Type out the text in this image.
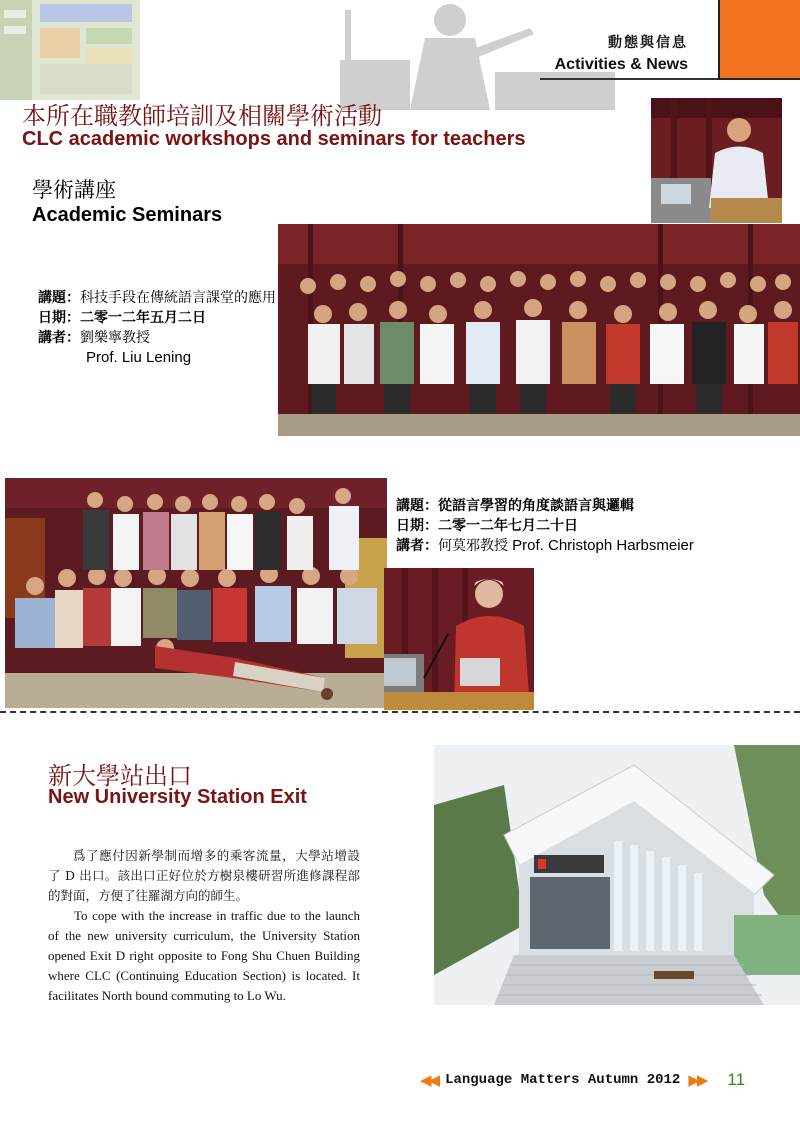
動態與信息
Activities & News
本所在職教師培訓及相關學術活動
CLC academic workshops and seminars for teachers
學術講座
Academic Seminars
講題： 科技手段在傳統語言課堂的應用
日期： 二零一二年五月二日
講者： 劉樂寧教授
Prof. Liu Lening
講題：從語言學習的角度談語言與邏輯
日期：二零一二年七月二十日
講者：何莫邪教授 Prof. Christoph Harbsmeier
新大學站出口
New University Station Exit
爲了應付因新學制而增多的乘客流量，大學站增設了 D 出口。該出口正好位於方樹泉樓研習所進修課程部的對面，方便了往羅湖方向的師生。
To cope with the increase in traffic due to the launch of the new university curriculum, the University Station opened Exit D right opposite to Fong Shu Chuen Building where CLC (Continuing Education Section) is located. It facilitates North bound commuting to Lo Wu.
◀◀ Language Matters Autumn 2012 ▶▶ 11
